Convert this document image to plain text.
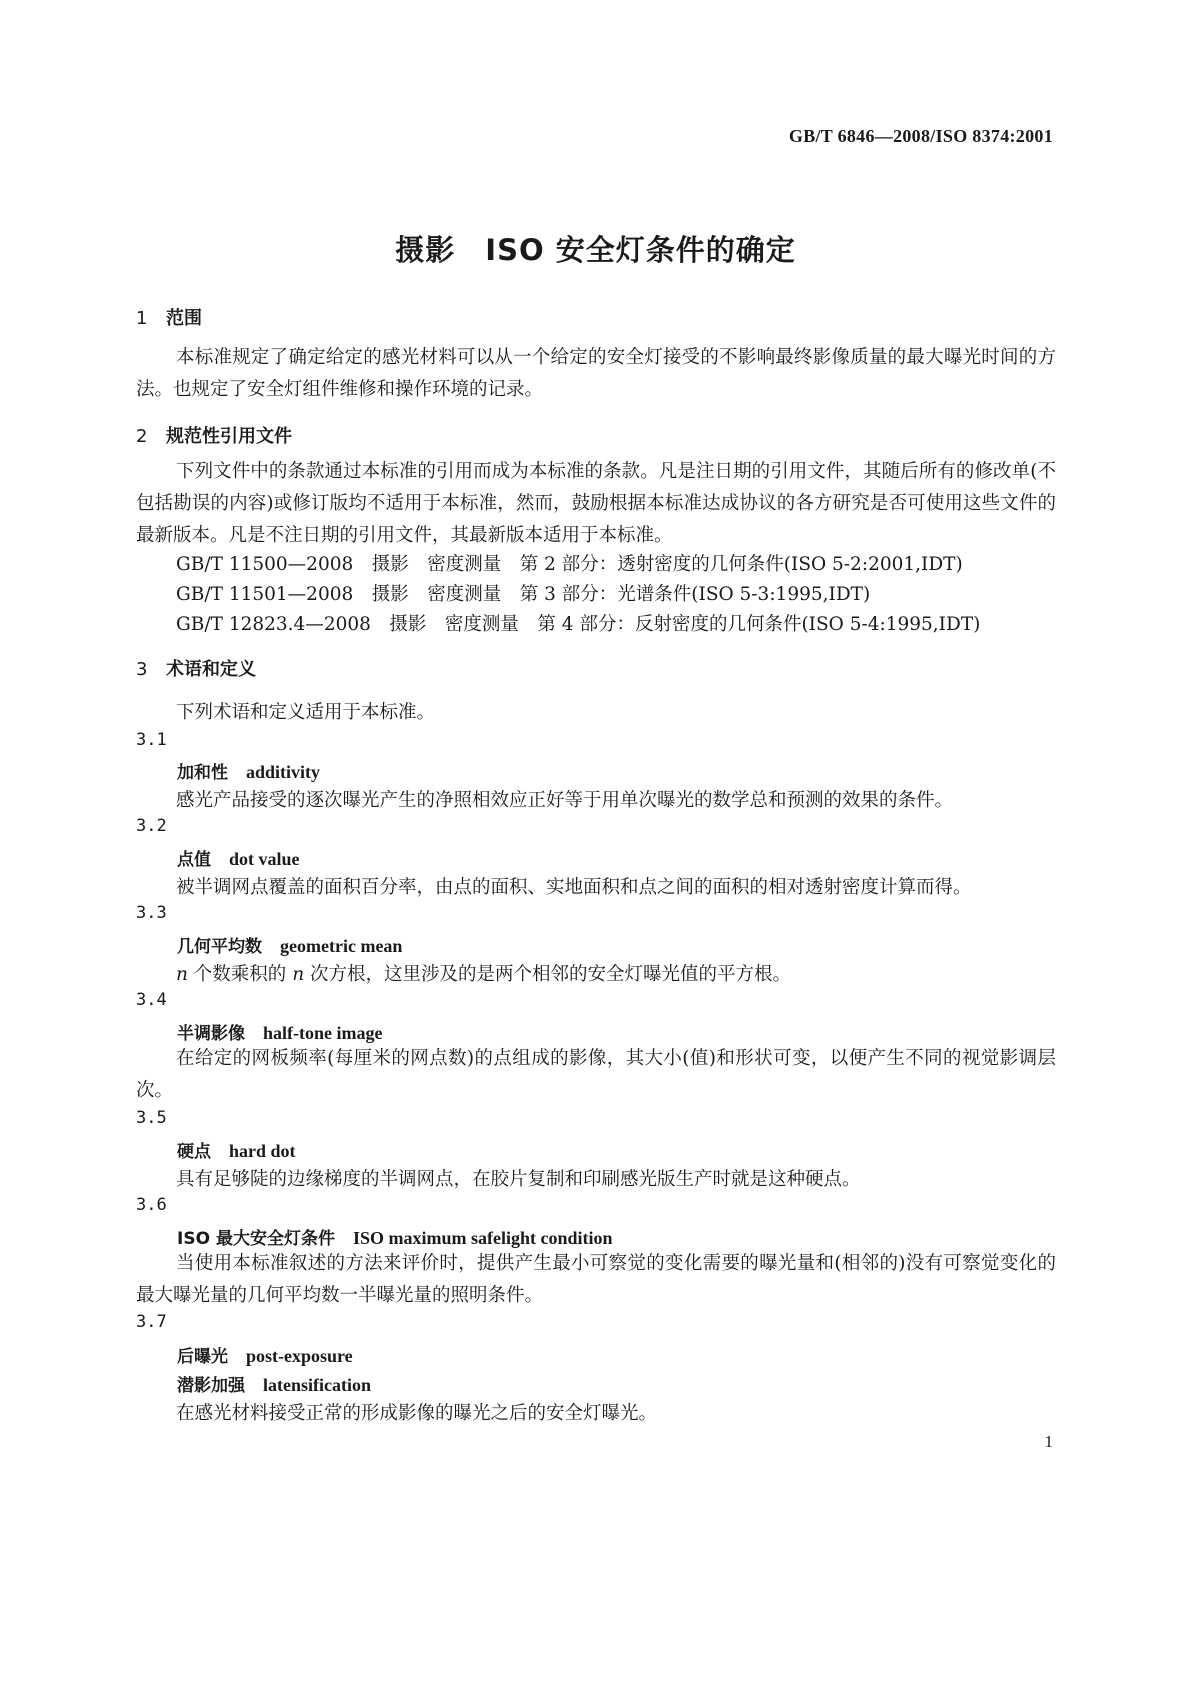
GB/T 6846—2008/ISO 8374:2001
摄影　ISO 安全灯条件的确定
1 范围
本标准规定了确定给定的感光材料可以从一个给定的安全灯接受的不影响最终影像质量的最大曝光时间的方法。也规定了安全灯组件维修和操作环境的记录。
2 规范性引用文件
下列文件中的条款通过本标准的引用而成为本标准的条款。凡是注日期的引用文件，其随后所有的修改单(不包括勘误的内容)或修订版均不适用于本标准，然而，鼓励根据本标准达成协议的各方研究是否可使用这些文件的最新版本。凡是不注日期的引用文件，其最新版本适用于本标准。
GB/T 11500—2008　摄影　密度测量　第 2 部分：透射密度的几何条件(ISO 5-2:2001,IDT)
GB/T 11501—2008　摄影　密度测量　第 3 部分：光谱条件(ISO 5-3:1995,IDT)
GB/T 12823.4—2008　摄影　密度测量　第 4 部分：反射密度的几何条件(ISO 5-4:1995,IDT)
3 术语和定义
下列术语和定义适用于本标准。
3.1
加和性 additivity
感光产品接受的逐次曝光产生的净照相效应正好等于用单次曝光的数学总和预测的效果的条件。
3.2
点值 dot value
被半调网点覆盖的面积百分率，由点的面积、实地面积和点之间的面积的相对透射密度计算而得。
3.3
几何平均数 geometric mean
n 个数乘积的 n 次方根，这里涉及的是两个相邻的安全灯曝光值的平方根。
3.4
半调影像 half-tone image
在给定的网板频率(每厘米的网点数)的点组成的影像，其大小(值)和形状可变，以便产生不同的视觉影调层次。
3.5
硬点 hard dot
具有足够陡的边缘梯度的半调网点，在胶片复制和印刷感光版生产时就是这种硬点。
3.6
ISO 最大安全灯条件 ISO maximum safelight condition
当使用本标准叙述的方法来评价时，提供产生最小可察觉的变化需要的曝光量和(相邻的)没有可察觉变化的最大曝光量的几何平均数一半曝光量的照明条件。
3.7
后曝光 post-exposure
潜影加强 latensification
在感光材料接受正常的形成影像的曝光之后的安全灯曝光。
1
